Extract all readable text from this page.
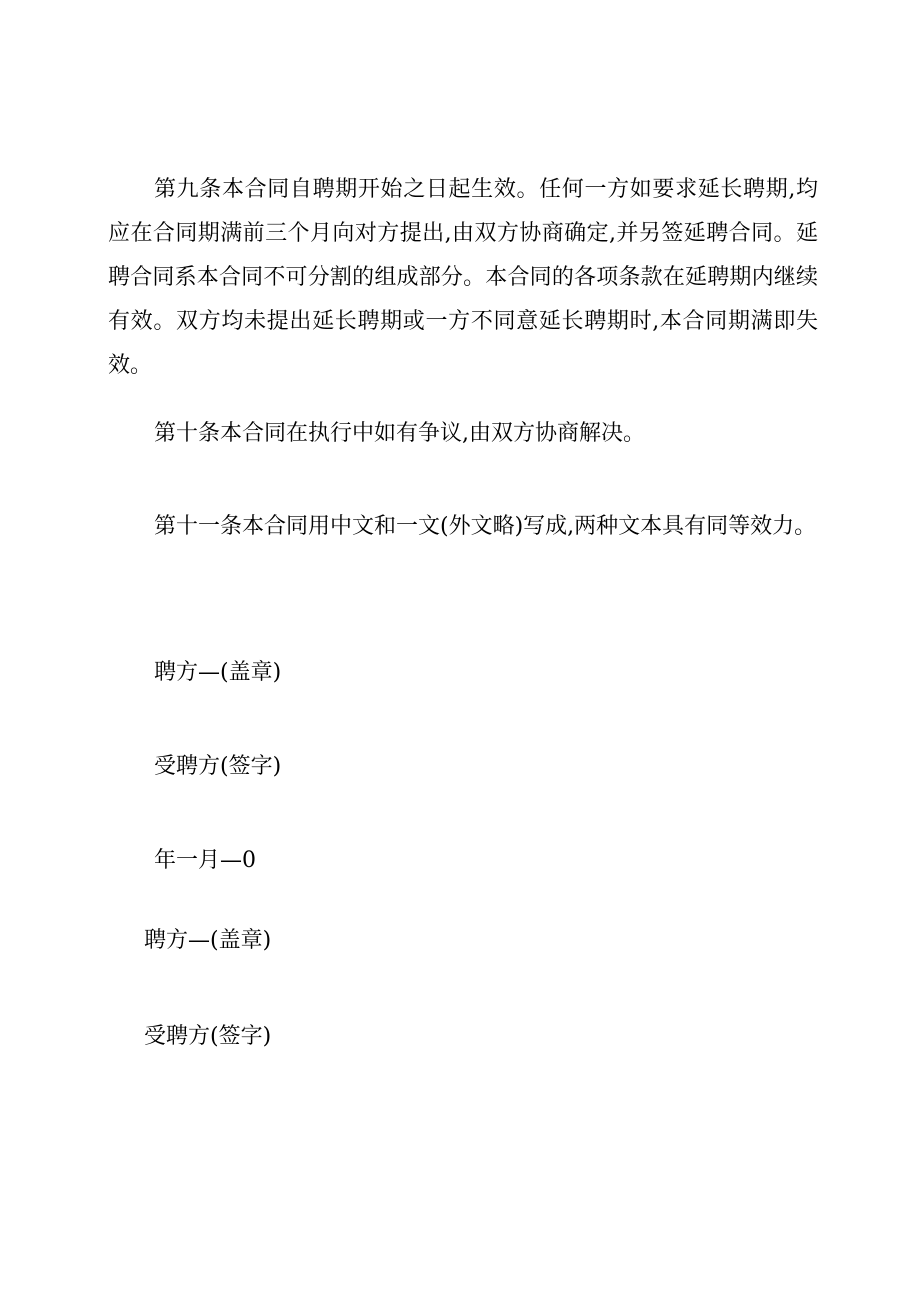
第九条本合同自聘期开始之日起生效。任何一方如要求延长聘期,均应在合同期满前三个月向对方提出,由双方协商确定,并另签延聘合同。延聘合同系本合同不可分割的组成部分。本合同的各项条款在延聘期内继续有效。双方均未提出延长聘期或一方不同意延长聘期时,本合同期满即失效。

第十条本合同在执行中如有争议,由双方协商解决。

第十一条本合同用中文和一文(外文略)写成,两种文本具有同等效力。

聘方—(盖章)

受聘方(签字)

年一月—0

聘方—(盖章)

受聘方(签字)
